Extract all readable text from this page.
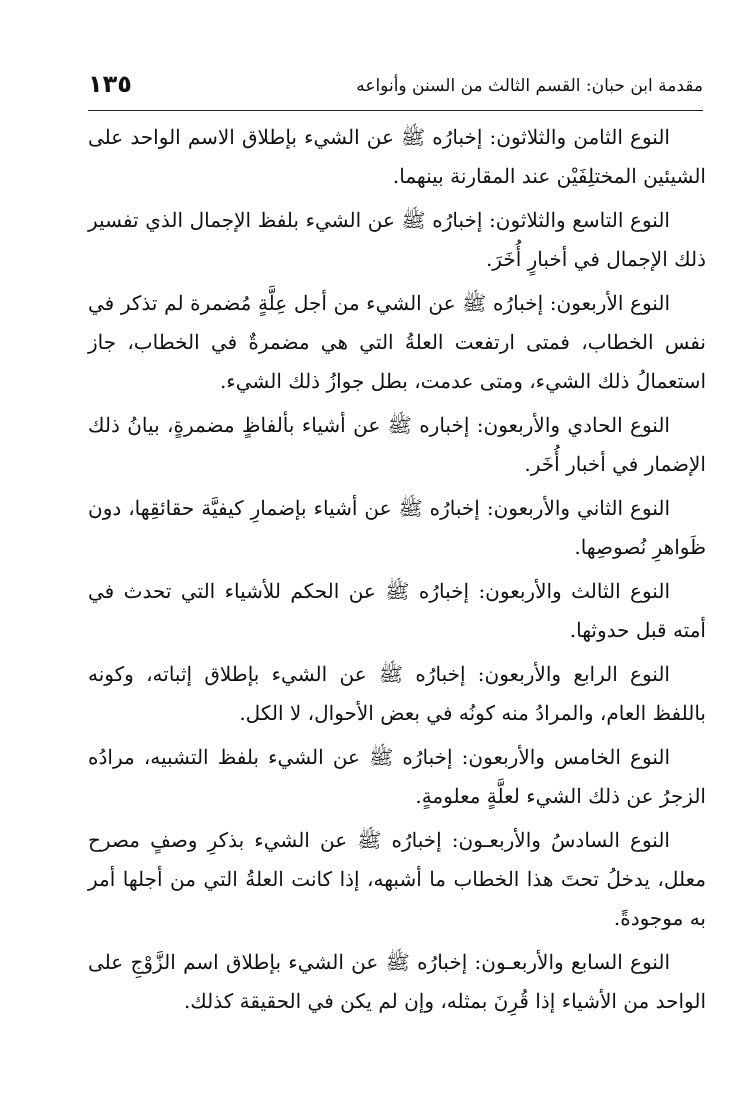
١٣٥	مقدمة ابن حبان: القسم الثالث من السنن وأنواعه

النوع الثامن والثلاثون: إخبارُه ﷺ عن الشيء بإطلاق الاسم الواحد على الشيئين المختلِفَيْن عند المقارنة بينهما.

النوع التاسع والثلاثون: إخبارُه ﷺ عن الشيء بلفظ الإجمال الذي تفسير ذلك الإجمال في أخبارٍ أُخَرَ.

النوع الأربعون: إخبارُه ﷺ عن الشيء من أجل عِلَّةٍ مُضمرة لم تذكر في نفس الخطاب، فمتى ارتفعت العلةُ التي هي مضمرةٌ في الخطاب، جاز استعمالُ ذلك الشيء، ومتى عدمت، بطل جوازُ ذلك الشيء.

النوع الحادي والأربعون: إخباره ﷺ عن أشياء بألفاظٍ مضمرةٍ، بيانُ ذلك الإضمار في أخبار أُخَر.

النوع الثاني والأربعون: إخبارُه ﷺ عن أشياء بإضمارِ كيفيَّة حقائقِها، دون ظَواهرِ نُصوصِها.

النوع الثالث والأربعون: إخبارُه ﷺ عن الحكم للأشياء التي تحدث في أمته قبل حدوثها.

النوع الرابع والأربعون: إخبارُه ﷺ عن الشيء بإطلاق إثباته، وكونه باللفظ العام، والمرادُ منه كونُه في بعض الأحوال، لا الكل.

النوع الخامس والأربعون: إخبارُه ﷺ عن الشيء بلفظ التشبيه، مرادُه الزجرُ عن ذلك الشيء لعلَّةٍ معلومةٍ.

النوع السادسُ والأربعـون: إخبارُه ﷺ عن الشيء بذكرِ وصفٍ مصرح معلل، يدخلُ تحتَ هذا الخطاب ما أشبهه، إذا كانت العلةُ التي من أجلها أمر به موجودةً.

النوع السابع والأربعـون: إخبارُه ﷺ عن الشيء بإطلاق اسم الزَّوْجِ على الواحد من الأشياء إذا قُرِنَ بمثله، وإن لم يكن في الحقيقة كذلك.
